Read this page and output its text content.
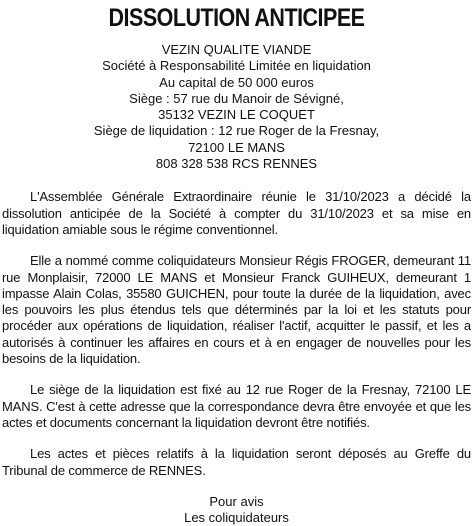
DISSOLUTION ANTICIPEE
VEZIN QUALITE VIANDE
Société à Responsabilité Limitée en liquidation
Au capital de 50 000 euros
Siège : 57 rue du Manoir de Sévigné,
35132 VEZIN LE COQUET
Siège de liquidation : 12 rue Roger de la Fresnay,
72100 LE MANS
808 328 538 RCS RENNES

L'Assemblée Générale Extraordinaire réunie le 31/10/2023 a décidé la dissolution anticipée de la Société à compter du 31/10/2023 et sa mise en liquidation amiable sous le régime conventionnel.

Elle a nommé comme coliquidateurs Monsieur Régis FROGER, demeurant 11 rue Monplaisir, 72000 LE MANS et Monsieur Franck GUIHEUX, demeurant 1 impasse Alain Colas, 35580 GUICHEN, pour toute la durée de la liquidation, avec les pouvoirs les plus étendus tels que déterminés par la loi et les statuts pour procéder aux opérations de liquidation, réaliser l'actif, acquitter le passif, et les a autorisés à continuer les affaires en cours et à en engager de nouvelles pour les besoins de la liquidation.

Le siège de la liquidation est fixé au 12 rue Roger de la Fresnay, 72100 LE MANS. C'est à cette adresse que la correspondance devra être envoyée et que les actes et documents concernant la liquidation devront être notifiés.

Les actes et pièces relatifs à la liquidation seront déposés au Greffe du Tribunal de commerce de RENNES.

Pour avis
Les coliquidateurs
